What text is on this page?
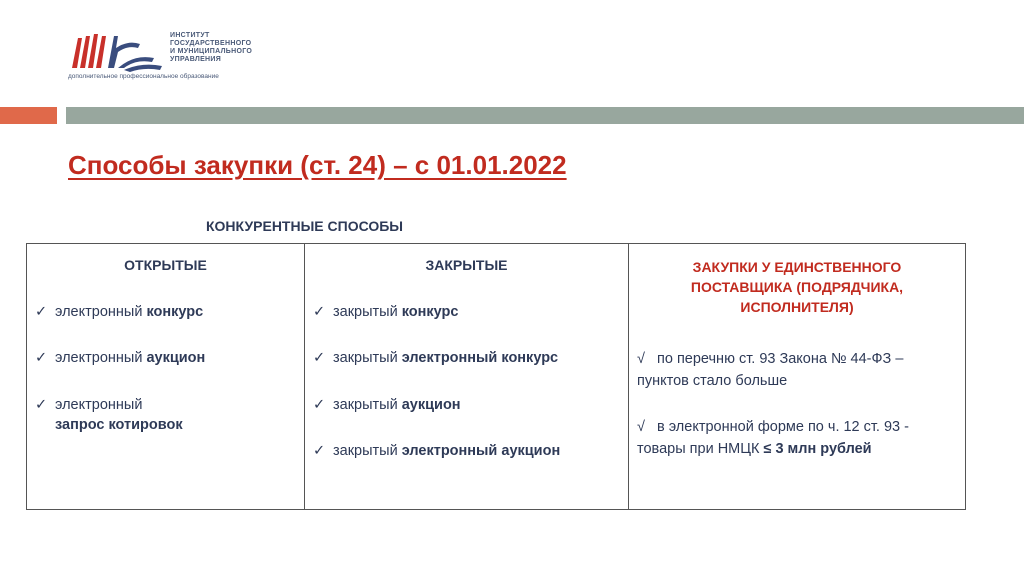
ИНСТИТУТ
ГОСУДАРСТВЕННОГО
И МУНИЦИПАЛЬНОГО
УПРАВЛЕНИЯ
дополнительное профессиональное образование
Способы закупки (ст. 24) – с 01.01.2022
КОНКУРЕНТНЫЕ СПОСОБЫ
ОТКРЫТЫЕ
✓ электронный конкурс
✓ электронный аукцион
✓ электронный
запрос котировок
ЗАКРЫТЫЕ
✓ закрытый конкурс
✓ закрытый электронный конкурс
✓ закрытый аукцион
✓ закрытый электронный аукцион
ЗАКУПКИ У ЕДИНСТВЕННОГО
ПОСТАВЩИКА (ПОДРЯДЧИКА,
ИСПОЛНИТЕЛЯ)
√ по перечню ст. 93 Закона № 44-ФЗ –
пунктов стало больше
√ в электронной форме по ч. 12 ст. 93 -
товары при НМЦК ≤ 3 млн рублей
